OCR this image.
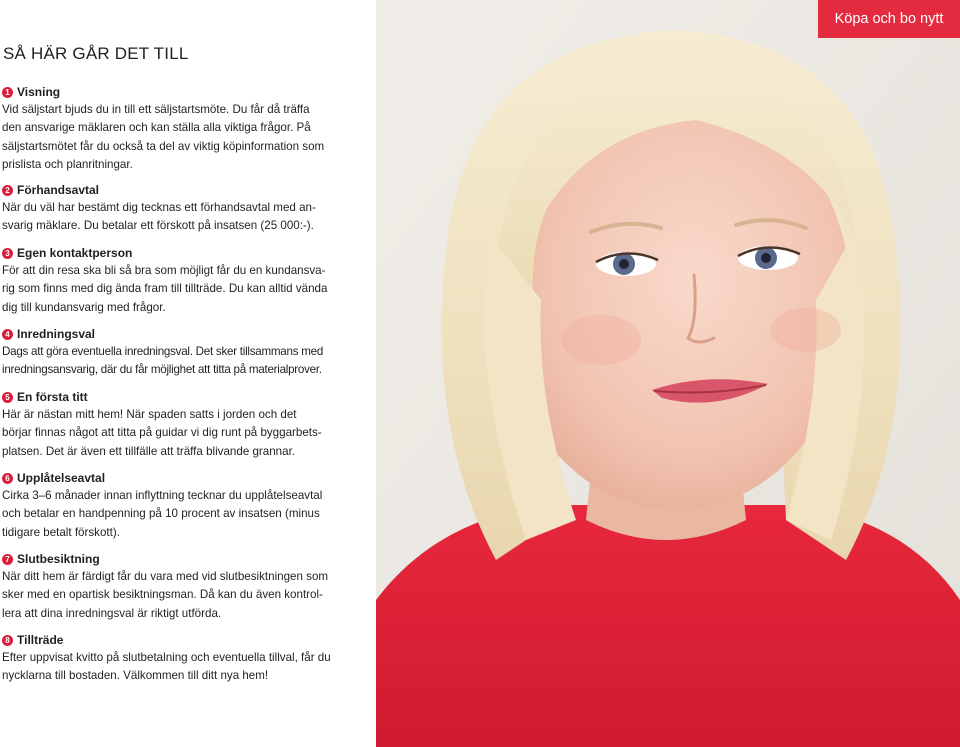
SÅ HÄR GÅR DET TILL
1 Visning
Vid säljstart bjuds du in till ett säljstartsmöte. Du får då träffa
den ansvarige mäklaren och kan ställa alla viktiga frågor. På
säljstartsmötet får du också ta del av viktig köpinformation som
prislista och planritningar.
2 Förhandsavtal
När du väl har bestämt dig tecknas ett förhandsavtal med an-
svarig mäklare. Du betalar ett förskott på insatsen (25 000:-).
3 Egen kontaktperson
För att din resa ska bli så bra som möjligt får du en kundansva-
rig som finns med dig ända fram till tillträde. Du kan alltid vända
dig till kundansvarig med frågor.
4 Inredningsval
Dags att göra eventuella inredningsval. Det sker tillsammans med
inredningsansvarig, där du får möjlighet att titta på materialprover.
5 En första titt
Här är nästan mitt hem! När spaden satts i jorden och det
börjar finnas något att titta på guidar vi dig runt på byggarbets-
platsen. Det är även ett tillfälle att träffa blivande grannar.
6 Upplåtelseavtal
Cirka 3–6 månader innan inflyttning tecknar du upplåtelseavtal
och betalar en handpenning på 10 procent av insatsen (minus
tidigare betalt förskott).
7 Slutbesiktning
När ditt hem är färdigt får du vara med vid slutbesiktningen som
sker med en opartisk besiktningsman. Då kan du även kontrol-
lera att dina inredningsval är riktigt utförda.
8 Tillträde
Efter uppvisat kvitto på slutbetalning och eventuella tillval, får du
nycklarna till bostaden. Välkommen till ditt nya hem!
Köpa och bo nytt
